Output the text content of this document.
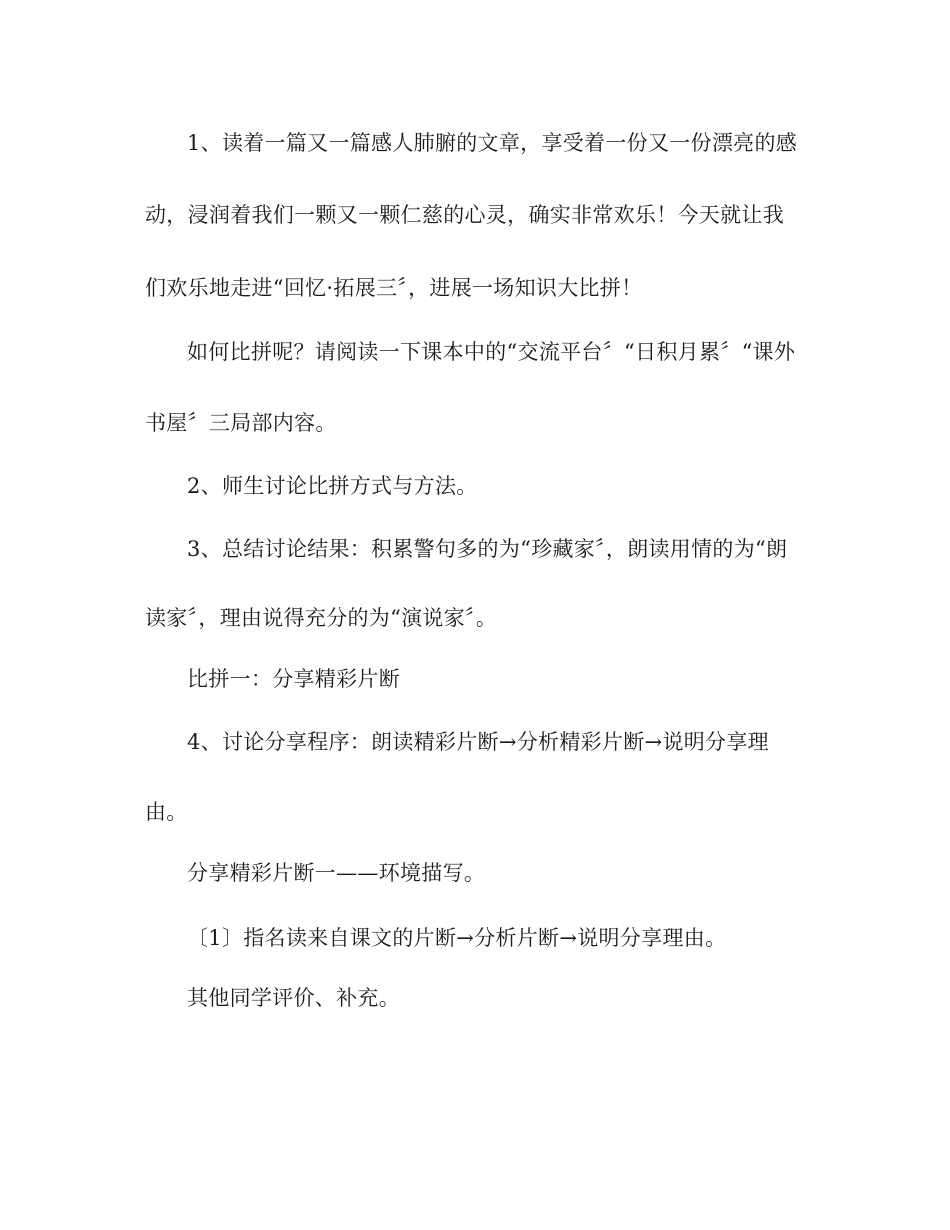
1、读着一篇又一篇感人肺腑的文章，享受着一份又一份漂亮的感
动，浸润着我们一颗又一颗仁慈的心灵，确实非常欢乐！今天就让我
们欢乐地走进“回忆·拓展三〞，进展一场知识大比拼！
如何比拼呢？请阅读一下课本中的“交流平台〞“日积月累〞“课外
书屋〞三局部内容。
2、师生讨论比拼方式与方法。
3、总结讨论结果：积累警句多的为“珍藏家〞，朗读用情的为“朗
读家〞，理由说得充分的为“演说家〞。
比拼一：分享精彩片断
4、讨论分享程序：朗读精彩片断→分析精彩片断→说明分享理
由。
分享精彩片断一——环境描写。
〔1〕指名读来自课文的片断→分析片断→说明分享理由。
其他同学评价、补充。
